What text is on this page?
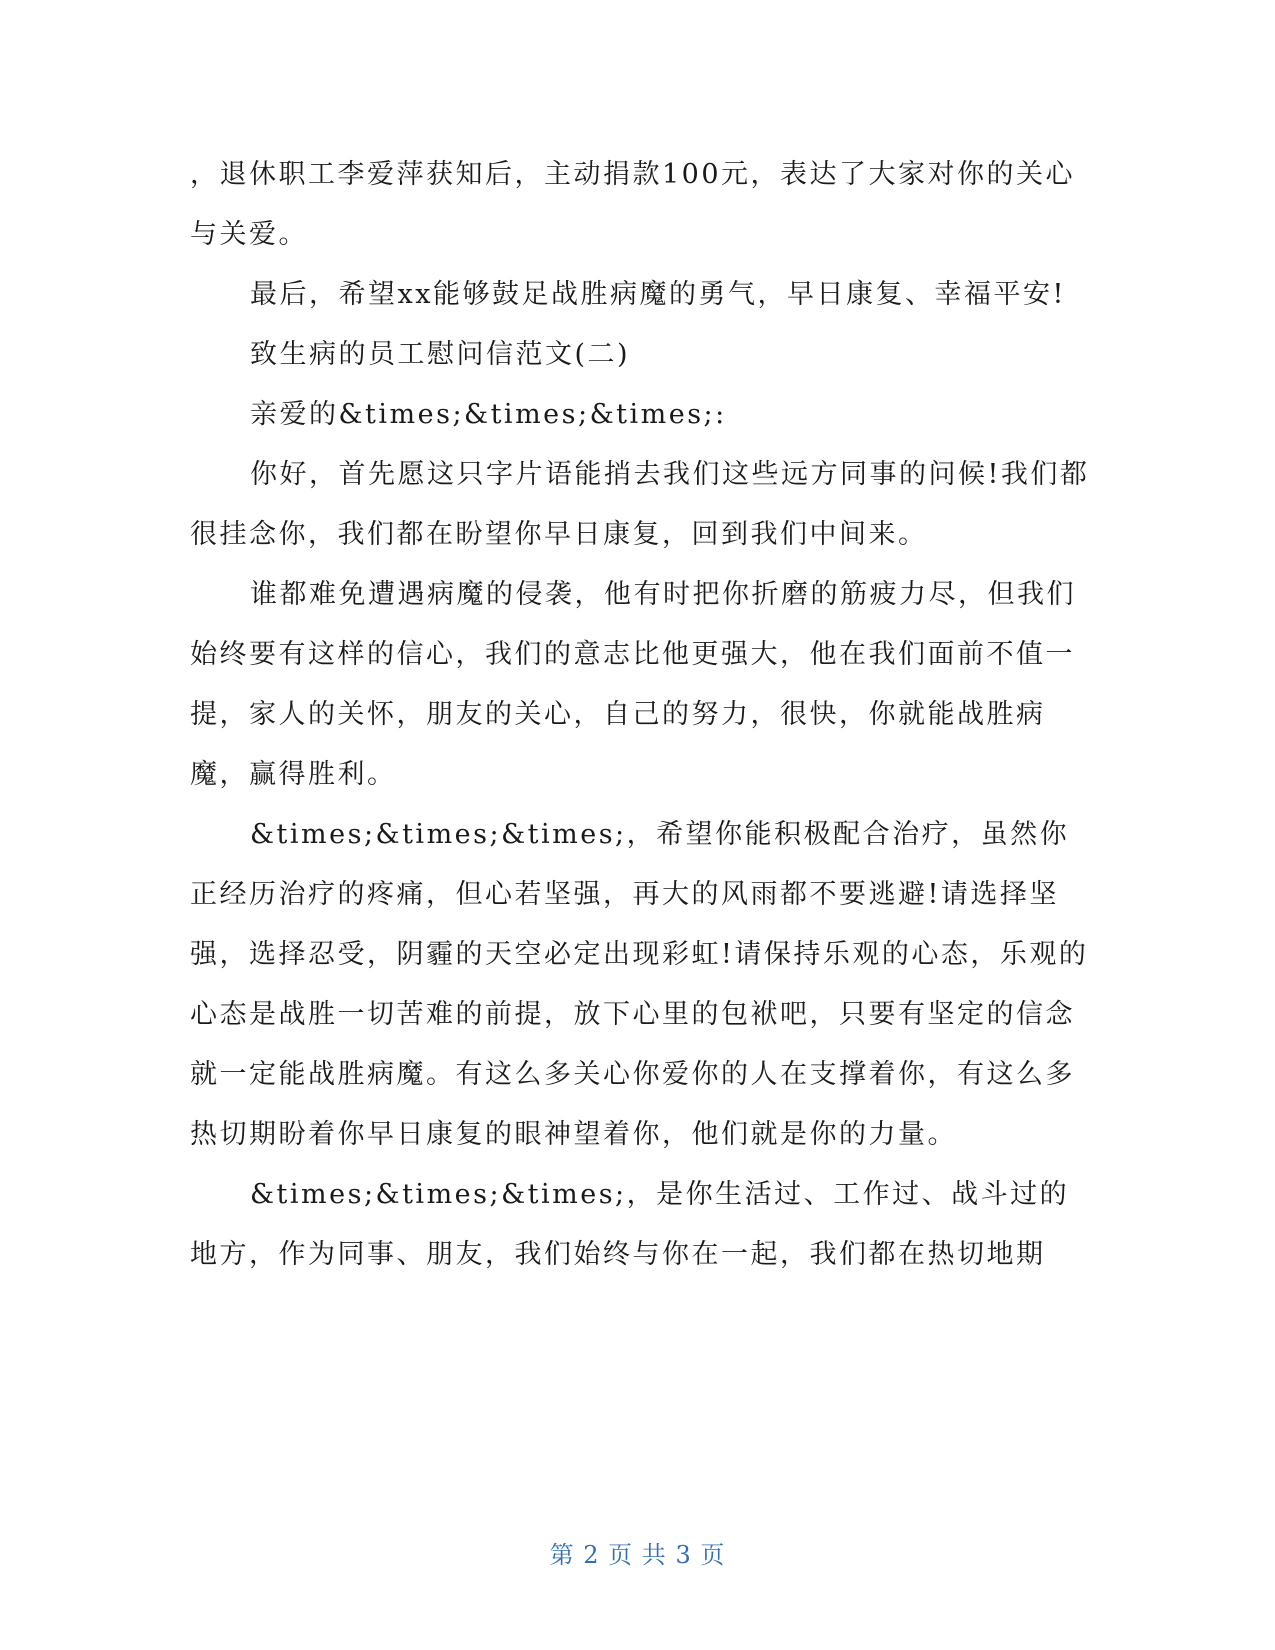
，退休职工李爱萍获知后，主动捐款100元，表达了大家对你的关心与关爱。

最后，希望xx能够鼓足战胜病魔的勇气，早日康复、幸福平安!

致生病的员工慰问信范文(二)

亲爱的&times;&times;&times;:

你好，首先愿这只字片语能捎去我们这些远方同事的问候!我们都很挂念你，我们都在盼望你早日康复，回到我们中间来。

谁都难免遭遇病魔的侵袭，他有时把你折磨的筋疲力尽，但我们始终要有这样的信心，我们的意志比他更强大，他在我们面前不值一提，家人的关怀，朋友的关心，自己的努力，很快，你就能战胜病魔，赢得胜利。

&times;&times;&times;，希望你能积极配合治疗，虽然你正经历治疗的疼痛，但心若坚强，再大的风雨都不要逃避!请选择坚强，选择忍受，阴霾的天空必定出现彩虹!请保持乐观的心态，乐观的心态是战胜一切苦难的前提，放下心里的包袱吧，只要有坚定的信念就一定能战胜病魔。有这么多关心你爱你的人在支撑着你，有这么多热切期盼着你早日康复的眼神望着你，他们就是你的力量。

&times;&times;&times;，是你生活过、工作过、战斗过的地方，作为同事、朋友，我们始终与你在一起，我们都在热切地期

第 2 页 共 3 页
